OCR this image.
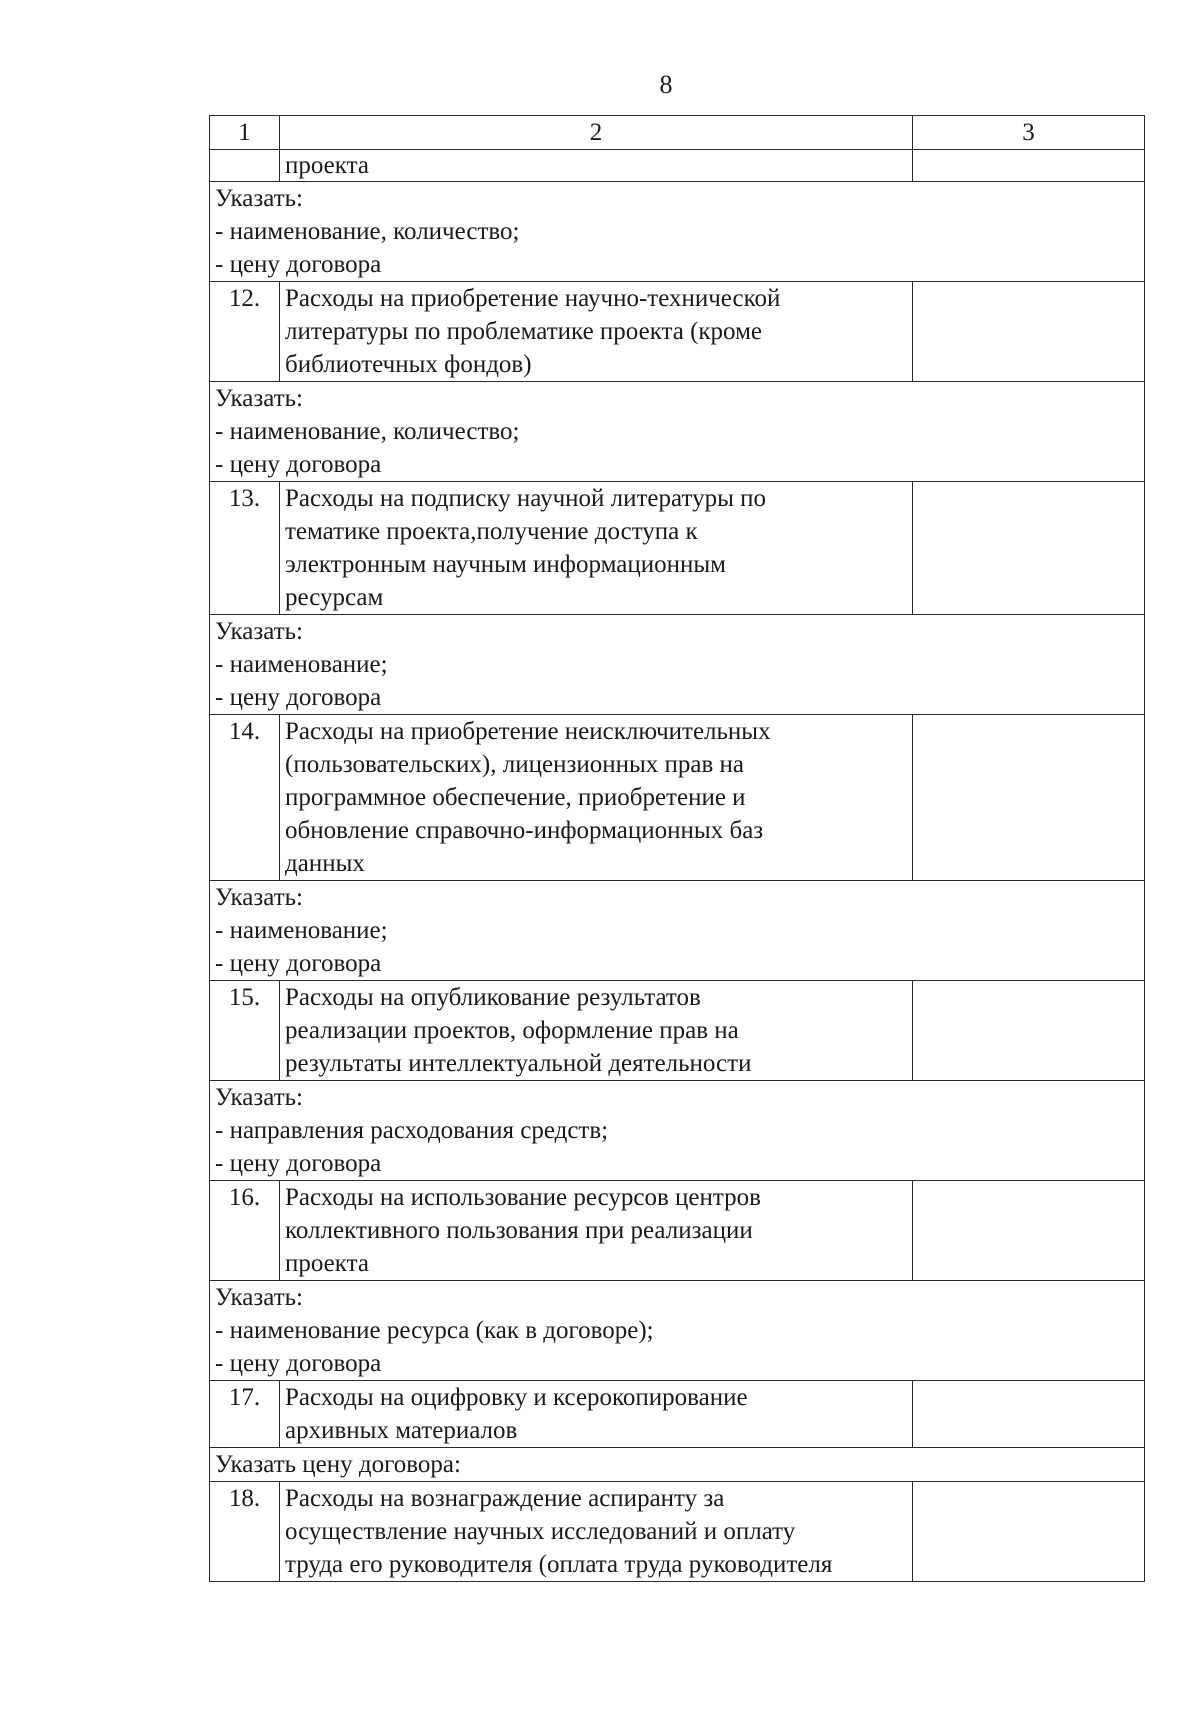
8
1	2	3
	проекта	

Указать:
- наименование, количество;
- цену договора		

12.	Расходы на приобретение научно-технической
литературы по проблематике проекта (кроме
библиотечных фондов)	

Указать:
- наименование, количество;
- цену договора		

13.	Расходы на подписку научной литературы по
тематике проекта,получение доступа к
электронным научным информационным
ресурсам	

Указать:
- наименование;
- цену договора		

14.	Расходы на приобретение неисключительных
(пользовательских), лицензионных прав на
программное обеспечение, приобретение и
обновление справочно-информационных баз
данных	

Указать:
- наименование;
- цену договора		

15.	Расходы на опубликование результатов
реализации проектов, оформление прав на
результаты интеллектуальной деятельности	

Указать:
- направления расходования средств;
- цену договора		

16.	Расходы на использование ресурсов центров
коллективного пользования при реализации
проекта	

Указать:
- наименование ресурса (как в договоре);
- цену договора		

17.	Расходы на оцифровку и ксерокопирование
архивных материалов	

Указать цену договора:		

18.	Расходы на вознаграждение аспиранту за
осуществление научных исследований и оплату
труда его руководителя (оплата труда руководителя	
